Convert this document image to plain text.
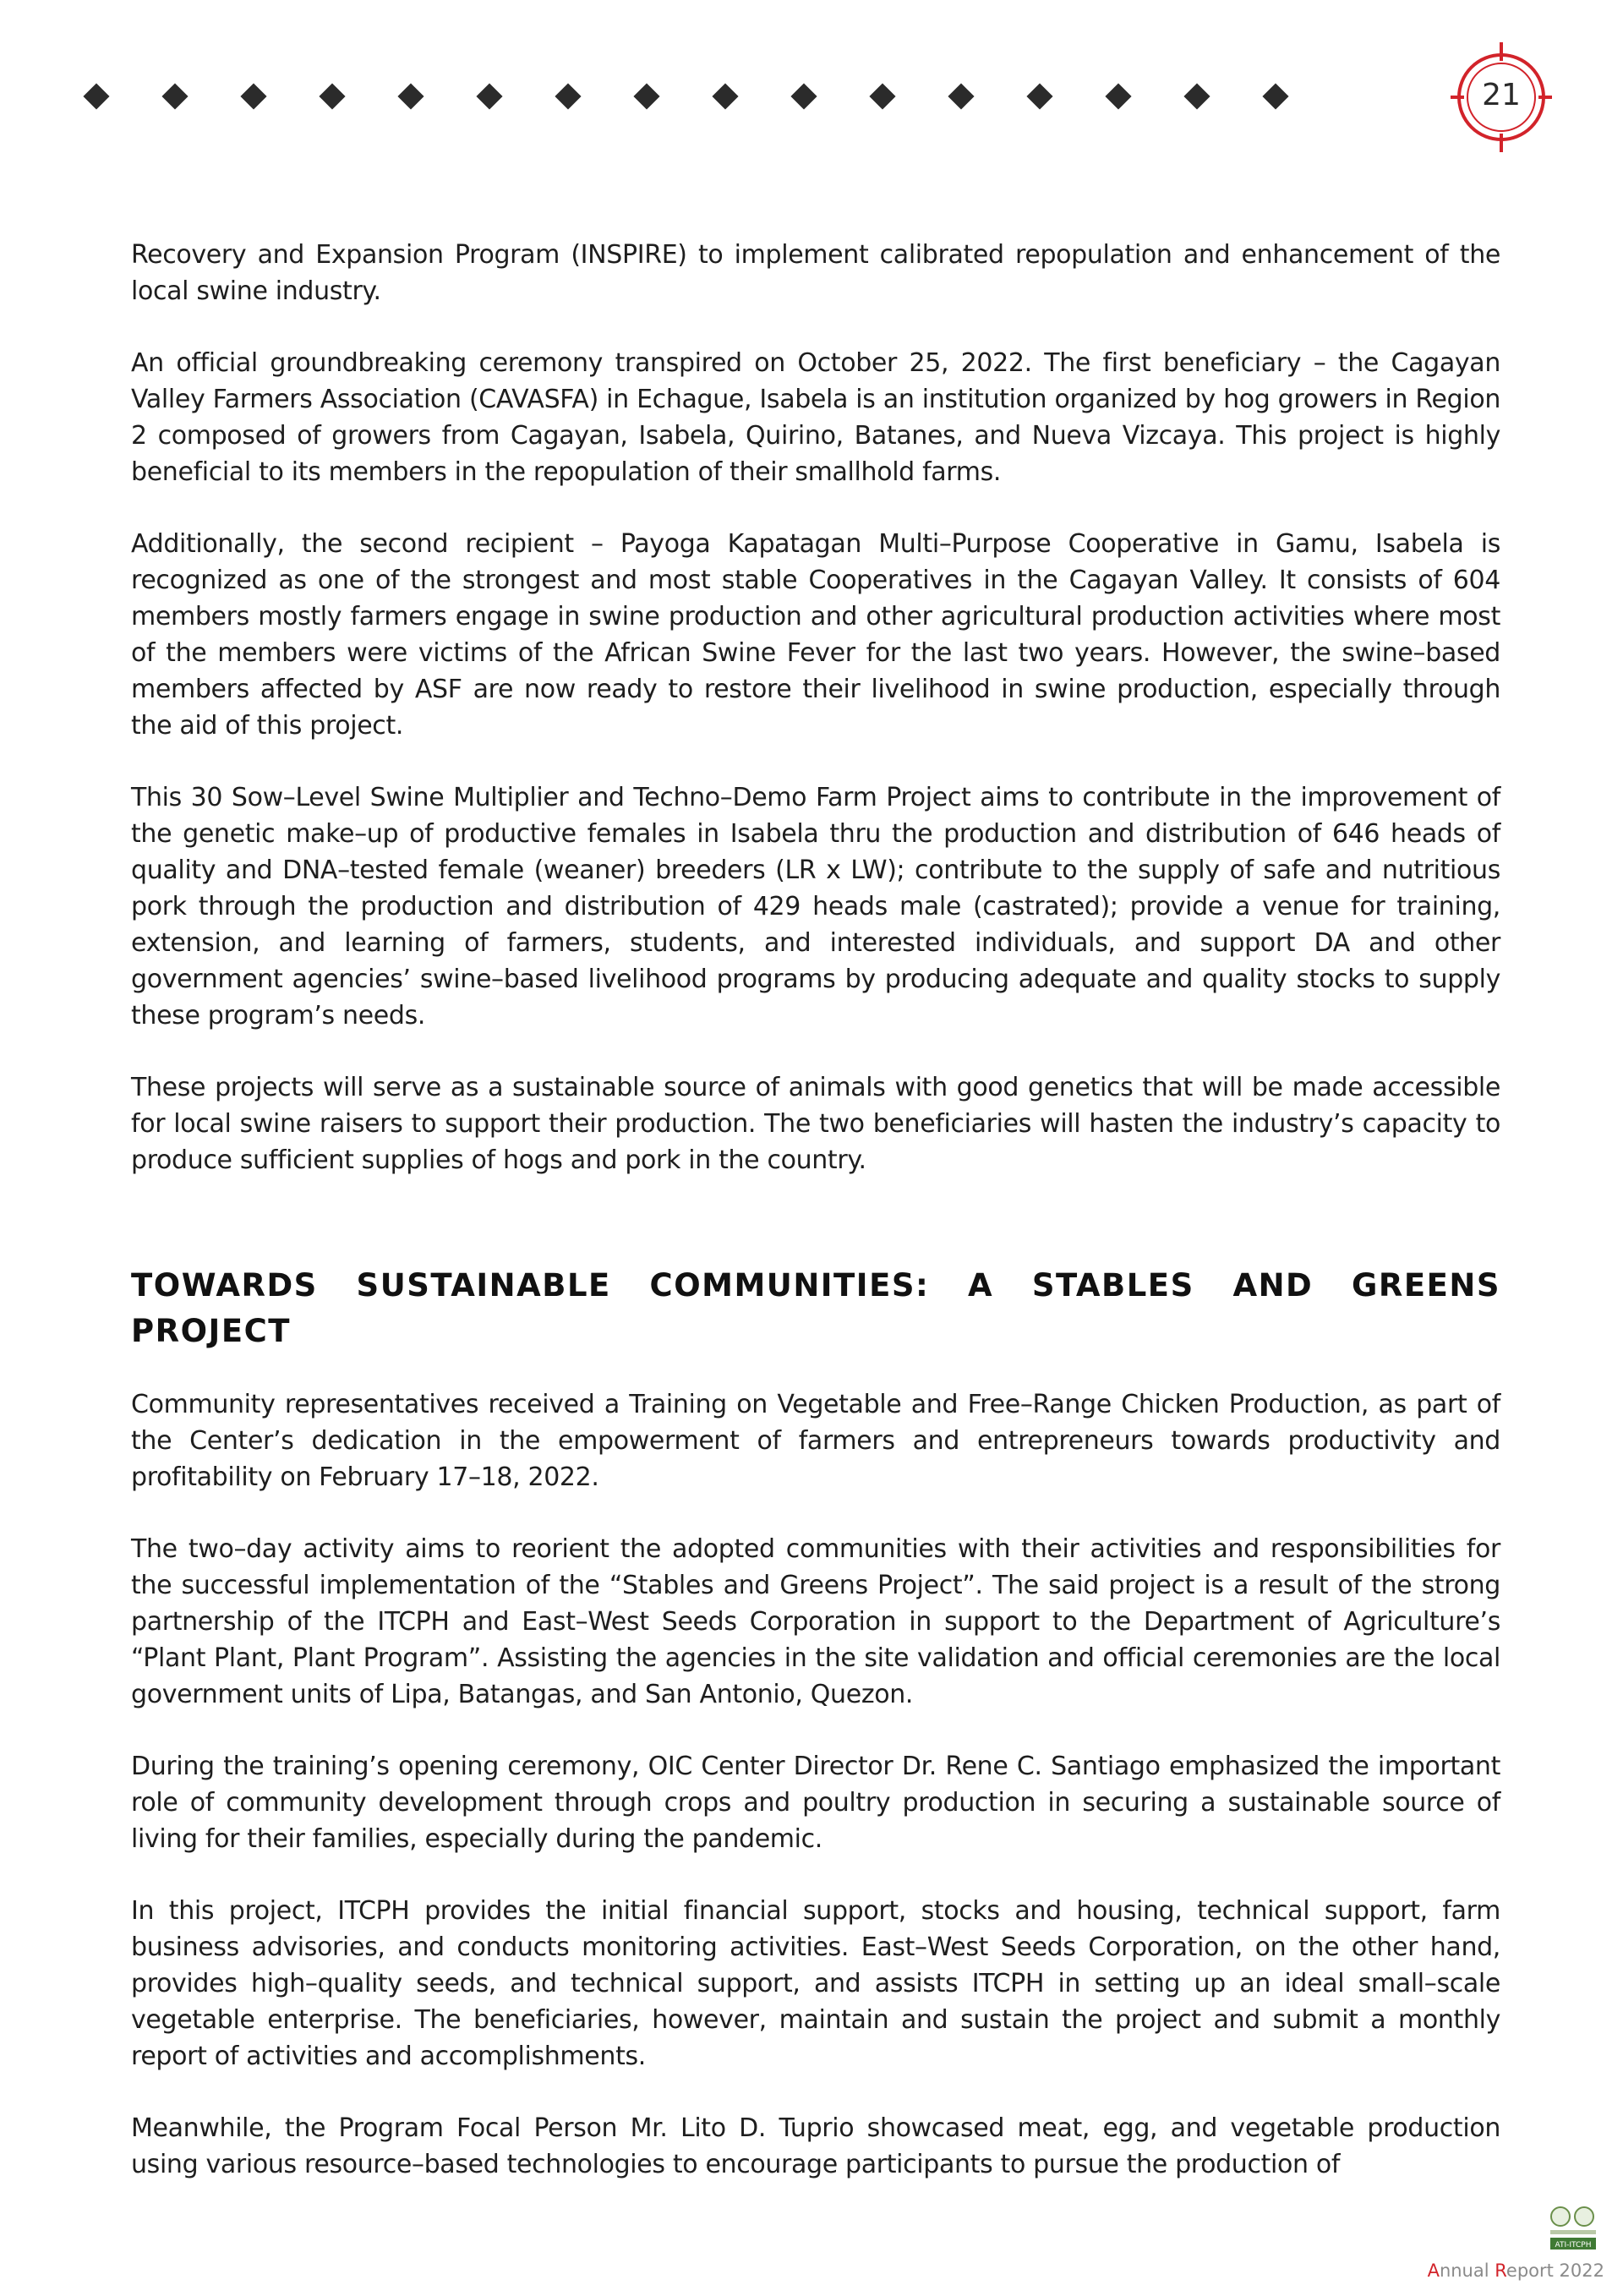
21

Recovery and Expansion Program (INSPIRE) to implement calibrated repopulation and enhancement of the local swine industry.

An official groundbreaking ceremony transpired on October 25, 2022. The first beneficiary – the Cagayan Valley Farmers Association (CAVASFA) in Echague, Isabela is an institution organized by hog growers in Region 2 composed of growers from Cagayan, Isabela, Quirino, Batanes, and Nueva Vizcaya. This project is highly beneficial to its members in the repopulation of their smallhold farms.

Additionally, the second recipient – Payoga Kapatagan Multi–Purpose Cooperative in Gamu, Isabela is recognized as one of the strongest and most stable Cooperatives in the Cagayan Valley. It consists of 604 members mostly farmers engage in swine production and other agricultural production activities where most of the members were victims of the African Swine Fever for the last two years. However, the swine–based members affected by ASF are now ready to restore their livelihood in swine production, especially through the aid of this project.

This 30 Sow–Level Swine Multiplier and Techno–Demo Farm Project aims to contribute in the improvement of the genetic make–up of productive females in Isabela thru the production and distribution of 646 heads of quality and DNA–tested female (weaner) breeders (LR x LW); contribute to the supply of safe and nutritious pork through the production and distribution of 429 heads male (castrated); provide a venue for training, extension, and learning of farmers, students, and interested individuals, and support DA and other government agencies’ swine–based livelihood programs by producing adequate and quality stocks to supply these program’s needs.

These projects will serve as a sustainable source of animals with good genetics that will be made accessible for local swine raisers to support their production. The two beneficiaries will hasten the industry’s capacity to produce sufficient supplies of hogs and pork in the country.

TOWARDS SUSTAINABLE COMMUNITIES: A STABLES AND GREENS PROJECT

Community representatives received a Training on Vegetable and Free–Range Chicken Production, as part of the Center’s dedication in the empowerment of farmers and entrepreneurs towards productivity and profitability on February 17–18, 2022.

The two–day activity aims to reorient the adopted communities with their activities and responsibilities for the successful implementation of the “Stables and Greens Project”. The said project is a result of the strong partnership of the ITCPH and East–West Seeds Corporation in support to the Department of Agriculture’s “Plant Plant, Plant Program”. Assisting the agencies in the site validation and official ceremonies are the local government units of Lipa, Batangas, and San Antonio, Quezon.

During the training’s opening ceremony, OIC Center Director Dr. Rene C. Santiago emphasized the important role of community development through crops and poultry production in securing a sustainable source of living for their families, especially during the pandemic.

In this project, ITCPH provides the initial financial support, stocks and housing, technical support, farm business advisories, and conducts monitoring activities. East–West Seeds Corporation, on the other hand, provides high–quality seeds, and technical support, and assists ITCPH in setting up an ideal small–scale vegetable enterprise. The beneficiaries, however, maintain and sustain the project and submit a monthly report of activities and accomplishments.

Meanwhile, the Program Focal Person Mr. Lito D. Tuprio showcased meat, egg, and vegetable production using various resource–based technologies to encourage participants to pursue the production of

ATI-ITCPH
Annual Report 2022
